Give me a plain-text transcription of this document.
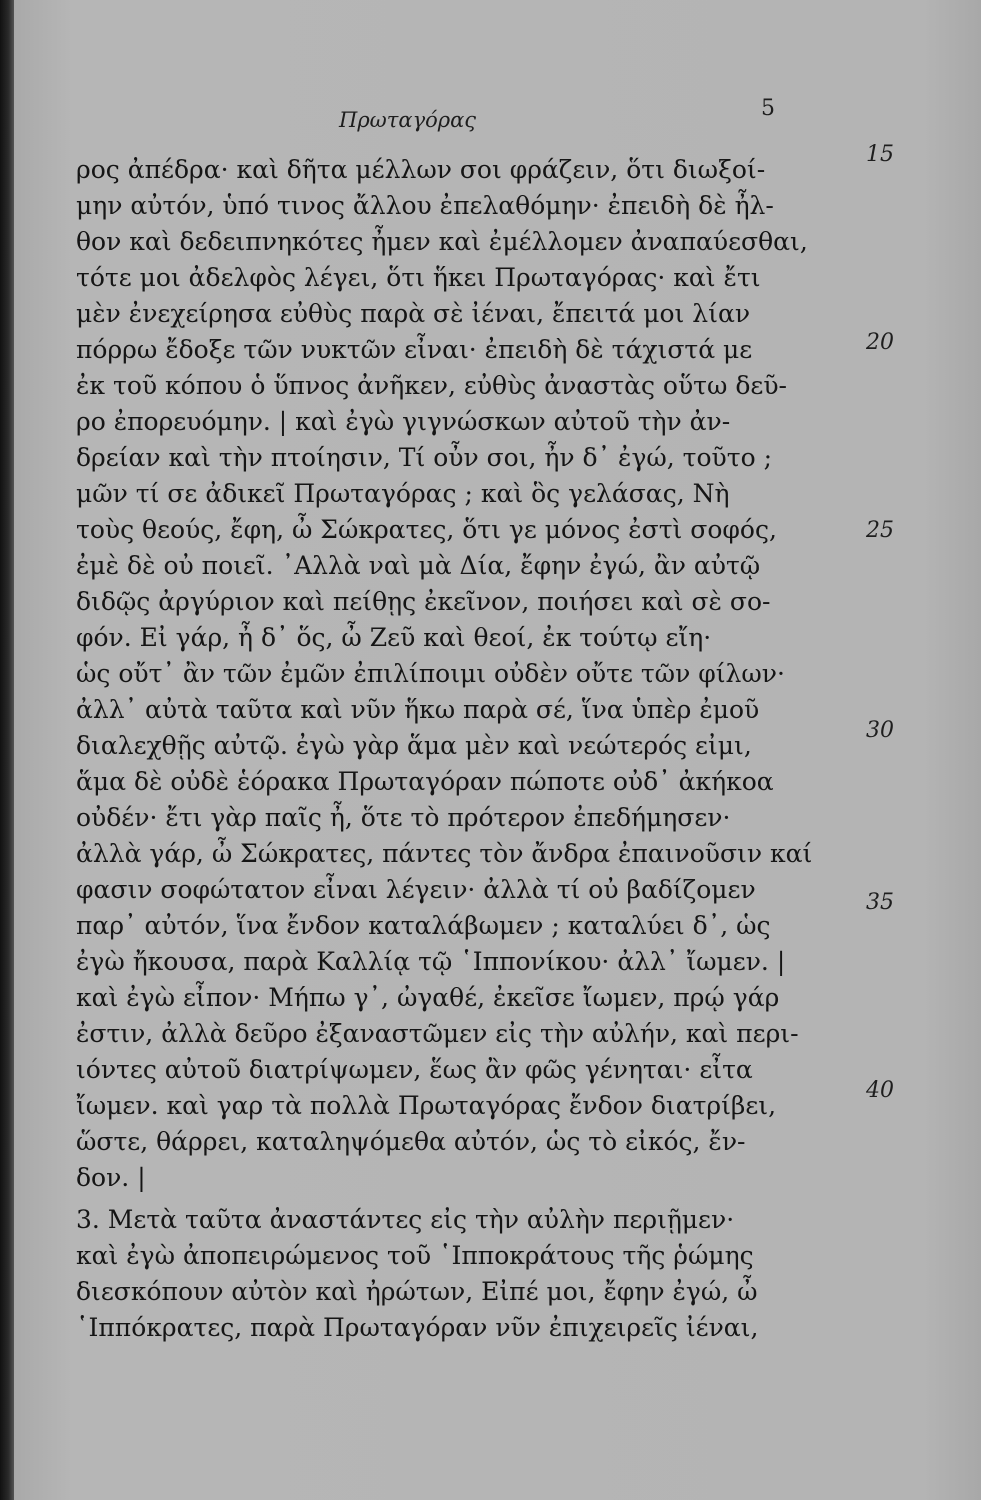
Πρωταγόρας	5
ρος ἀπέδρα· καὶ δῆτα μέλλων σοι φράζειν, ὅτι διωξοί-
μην αὐτόν, ὑπό τινος ἄλλου ἐπελαθόμην· ἐπειδὴ δὲ ἦλ-
θον καὶ δεδειπνηκότες ἦμεν καὶ ἐμέλλομεν ἀναπαύεσθαι,
τότε μοι ἀδελφὸς λέγει, ὅτι ἥκει Πρωταγόρας· καὶ ἔτι
μὲν ἐνεχείρησα εὐθὺς παρὰ σὲ ἰέναι, ἔπειτά μοι λίαν
πόρρω ἔδοξε τῶν νυκτῶν εἶναι· ἐπειδὴ δὲ τάχιστά με
ἐκ τοῦ κόπου ὁ ὕπνος ἀνῆκεν, εὐθὺς ἀναστὰς οὕτω δεῦ-
ρο ἐπορευόμην. | καὶ ἐγὼ γιγνώσκων αὐτοῦ τὴν ἀν-
δρείαν καὶ τὴν πτοίησιν, Τί οὖν σοι, ἦν δ᾽ ἐγώ, τοῦτο ;
μῶν τί σε ἀδικεῖ Πρωταγόρας ; καὶ ὃς γελάσας, Νὴ
τοὺς θεούς, ἔφη, ὦ Σώκρατες, ὅτι γε μόνος ἐστὶ σοφός,
ἐμὲ δὲ οὐ ποιεῖ. ᾿Αλλὰ ναὶ μὰ Δία, ἔφην ἐγώ, ἂν αὐτῷ
διδῷς ἀργύριον καὶ πείθῃς ἐκεῖνον, ποιήσει καὶ σὲ σο-
φόν. Εἰ γάρ, ἦ δ᾽ ὅς, ὦ Ζεῦ καὶ θεοί, ἐκ τούτῳ εἴη·
ὡς οὔτ᾽ ἂν τῶν ἐμῶν ἐπιλίποιμι οὐδὲν οὔτε τῶν φίλων·
ἀλλ᾽ αὐτὰ ταῦτα καὶ νῦν ἥκω παρὰ σέ, ἵνα ὑπὲρ ἐμοῦ
διαλεχθῇς αὐτῷ. ἐγὼ γὰρ ἅμα μὲν καὶ νεώτερός εἰμι,
ἅμα δὲ οὐδὲ ἑόρακα Πρωταγόραν πώποτε οὐδ᾽ ἀκήκοα
οὐδέν· ἔτι γὰρ παῖς ἦ, ὅτε τὸ πρότερον ἐπεδήμησεν·
ἀλλὰ γάρ, ὦ Σώκρατες, πάντες τὸν ἄνδρα ἐπαινοῦσιν καί
φασιν σοφώτατον εἶναι λέγειν· ἀλλὰ τί οὐ βαδίζομεν
παρ᾽ αὐτόν, ἵνα ἔνδον καταλάβωμεν ; καταλύει δ᾽, ὡς
ἐγὼ ἤκουσα, παρὰ Καλλίᾳ τῷ ῾Ιππονίκου· ἀλλ᾽ ἴωμεν. |
καὶ ἐγὼ εἶπον· Μήπω γ᾽, ὠγαθέ, ἐκεῖσε ἴωμεν, πρῴ γάρ
ἐστιν, ἀλλὰ δεῦρο ἐξαναστῶμεν εἰς τὴν αὐλήν, καὶ περι-
ιόντες αὐτοῦ διατρίψωμεν, ἕως ἂν φῶς γένηται· εἶτα
ἴωμεν. καὶ γαρ τὰ πολλὰ Πρωταγόρας ἔνδον διατρίβει,
ὥστε, θάρρει, καταληψόμεθα αὐτόν, ὡς τὸ εἰκός, ἔν-
δον. |
3. Μετὰ ταῦτα ἀναστάντες εἰς τὴν αὐλὴν περιῇμεν·
καὶ ἐγὼ ἀποπειρώμενος τοῦ ῾Ιπποκράτους τῆς ῥώμης
διεσκόπουν αὐτὸν καὶ ἠρώτων, Εἰπέ μοι, ἔφην ἐγώ, ὦ
῾Ιππόκρατες, παρὰ Πρωταγόραν νῦν ἐπιχειρεῖς ἰέναι,
15
20
25
30
35
40
